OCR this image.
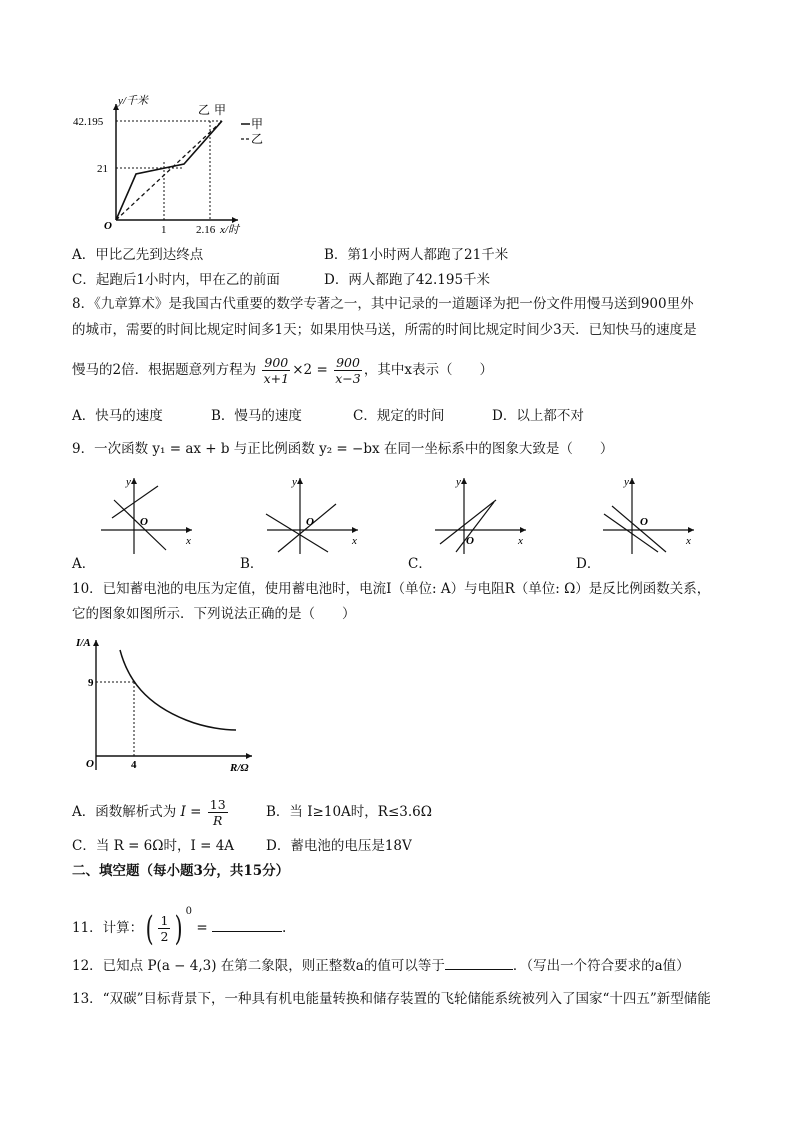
甲
乙
y/千米
x/时
O
42.195
21
1	2.16
乙 甲
A．甲比乙先到达终点	B．第1小时两人都跑了21千米
C．起跑后1小时内，甲在乙的前面	D．两人都跑了42.195千米
8．《九章算术》是我国古代重要的数学专著之一，其中记录的一道题译为把一份文件用慢马送到900里外
的城市，需要的时间比规定时间多1天；如果用快马送，所需的时间比规定时间少3天．已知快马的速度是
慢马的2倍．根据题意列方程为 $\frac{900}{x+1} \times 2 = \frac{900}{x-3}$ ，其中x表示（　　）
A．快马的速度	B．慢马的速度	C．规定的时间	D．以上都不对
9．一次函数 y₁ = ax + b 与正比例函数 y₂ = −bx 在同一坐标系中的图象大致是（　　）
y
x
O
y
x
O
y
x
O
y
x
O
A．	B．	C．	D．
10．已知蓄电池的电压为定值，使用蓄电池时，电流I（单位: A）与电阻R（单位: Ω）是反比例函数关系，
它的图象如图所示．下列说法正确的是（　　）
I/A
R/Ω
O
9
4
A．函数解析式为 $I = \frac{13}{R}$	B．当 I≥10A时，R≤3.6Ω
C．当 R = 6Ω时，I = 4A D．蓄电池的电压是18V
二、填空题（每小题3分，共15分）
11．计算：( $\frac{1}{2}$ ) $^0$ =	.
12．已知点 P(a − 4,3) 在第二象限，则正整数a的值可以等于	．（写出一个符合要求的a值）
13．“双碳”目标背景下，一种具有机电能量转换和储存装置的飞轮储能系统被列入了国家“十四五”新型储能
